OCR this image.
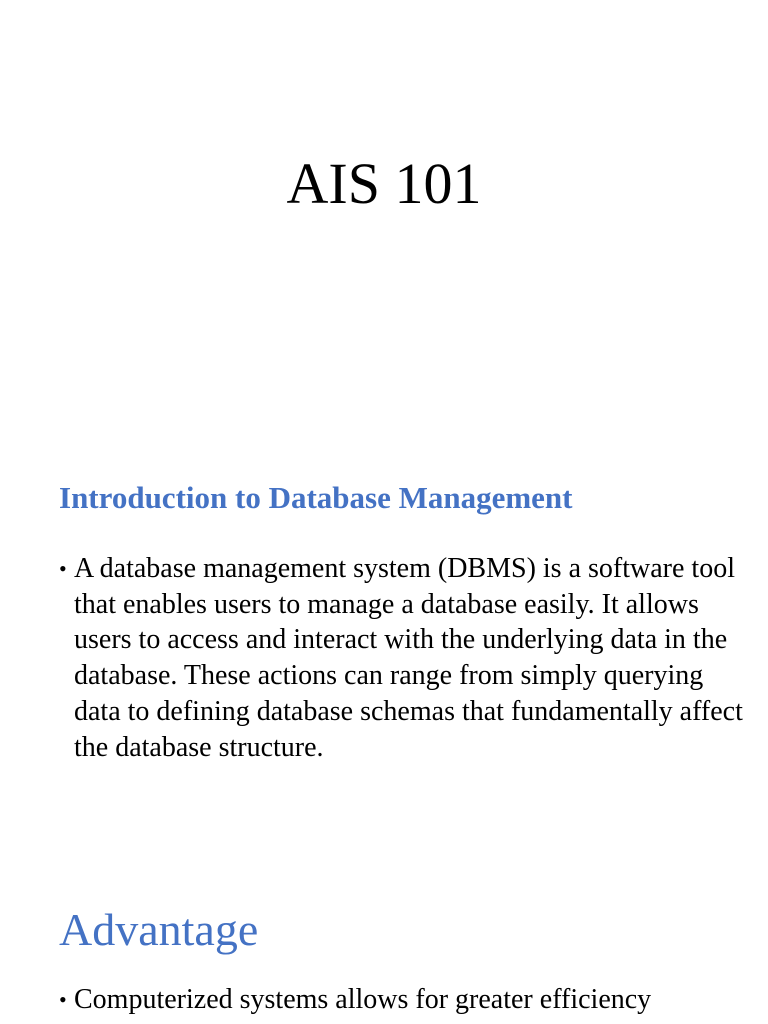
AIS 101
Introduction to Database Management
• A database management system (DBMS) is a software tool that enables users to manage a database easily. It allows users to access and interact with the underlying data in the database. These actions can range from simply querying data to defining database schemas that fundamentally affect the database structure.
Advantage
• Computerized systems allows for greater efficiency
